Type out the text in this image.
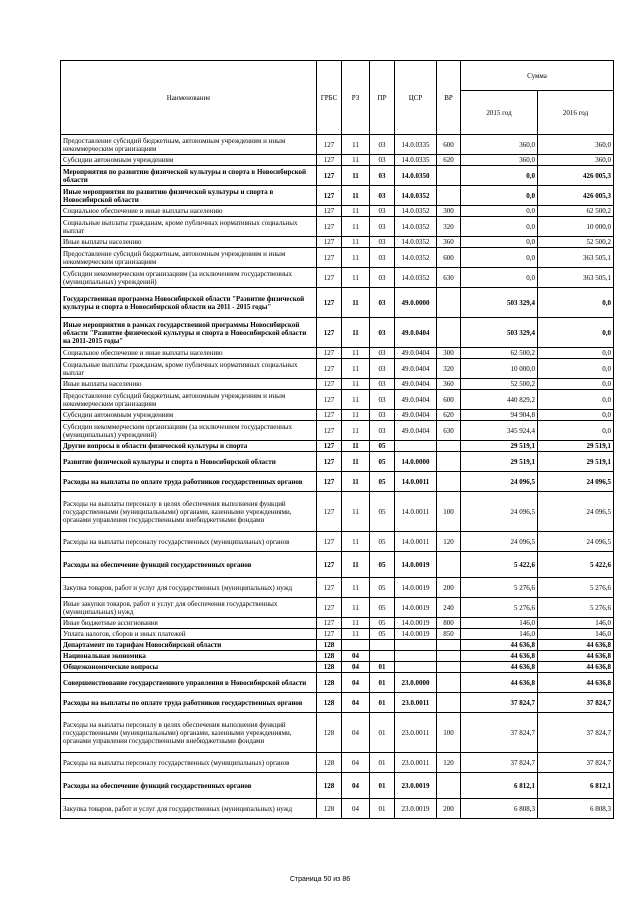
Наименование	ГРБС	РЗ	ПР	ЦСР	ВР	Сумма	
						2015 год	2016 год
Предоставление субсидий бюджетным, автономным учреждениям и иным некоммерческим организациям	127	11	03	14.0.0335	600	360,0	360,0
Субсидии автономным учреждениям	127	11	03	14.0.0335	620	360,0	360,0
Мероприятия по развитию физической культуры и спорта в Новосибирской области	127	11	03	14.0.0350		0,0	426 005,3
Иные мероприятия по развитию физической культуры и спорта в Новосибирской области	127	11	03	14.0.0352		0,0	426 005,3
Социальное обеспечение и иные выплаты населению	127	11	03	14.0.0352	300	0,0	62 500,2
Социальные выплаты гражданам, кроме публичных нормативных социальных выплат	127	11	03	14.0.0352	320	0,0	10 000,0
Иные выплаты населению	127	11	03	14.0.0352	360	0,0	52 500,2
Предоставление субсидий бюджетным, автономным учреждениям и иным некоммерческим организациям	127	11	03	14.0.0352	600	0,0	363 505,1
Субсидии некоммерческим организациям (за исключением государственных (муниципальных) учреждений)	127	11	03	14.0.0352	630	0,0	363 505,1
Государственная программа Новосибирской области "Развитие физической культуры и спорта в Новосибирской области на 2011 - 2015 годы"	127	11	03	49.0.0000		503 329,4	0,0
Иные мероприятия в рамках государственной программы Новосибирской области "Развитие физической культуры и спорта в Новосибирской области на 2011-2015 годы"	127	11	03	49.0.0404		503 329,4	0,0
Социальное обеспечение и иные выплаты населению	127	11	03	49.0.0404	300	62 500,2	0,0
Социальные выплаты гражданам, кроме публичных нормативных социальных выплат	127	11	03	49.0.0404	320	10 000,0	0,0
Иные выплаты населению	127	11	03	49.0.0404	360	52 500,2	0,0
Предоставление субсидий бюджетным, автономным учреждениям и иным некоммерческим организациям	127	11	03	49.0.0404	600	440 829,2	0,0
Субсидии автономным учреждениям	127	11	03	49.0.0404	620	94 904,8	0,0
Субсидии некоммерческим организациям (за исключением государственных (муниципальных) учреждений)	127	11	03	49.0.0404	630	345 924,4	0,0
Другие вопросы в области физической культуры и спорта	127	11	05			29 519,1	29 519,1
Развитие физической культуры и спорта в Новосибирской области	127	11	05	14.0.0000		29 519,1	29 519,1
Расходы на выплаты по оплате труда работников государственных органов	127	11	05	14.0.0011		24 096,5	24 096,5
Расходы на выплаты персоналу в целях обеспечения выполнения функций государственными (муниципальными) органами, казенными учреждениями, органами управления государственными внебюджетными фондами	127	11	05	14.0.0011	100	24 096,5	24 096,5
Расходы на выплаты персоналу государственных (муниципальных) органов	127	11	05	14.0.0011	120	24 096,5	24 096,5
Расходы на обеспечение функций государственных органов	127	11	05	14.0.0019		5 422,6	5 422,6
Закупка товаров, работ и услуг для государственных (муниципальных) нужд	127	11	05	14.0.0019	200	5 276,6	5 276,6
Иные закупки товаров, работ и услуг для обеспечения государственных (муниципальных) нужд	127	11	05	14.0.0019	240	5 276,6	5 276,6
Иные бюджетные ассигнования	127	11	05	14.0.0019	800	146,0	146,0
Уплата налогов, сборов и иных платежей	127	11	05	14.0.0019	850	146,0	146,0
Департамент по тарифам Новосибирской области	128					44 636,8	44 636,8
Национальная экономика	128	04				44 636,8	44 636,8
Общеэкономические вопросы	128	04	01			44 636,8	44 636,8
Совершенствование государственного управления в Новосибирской области	128	04	01	23.0.0000		44 636,8	44 636,8
Расходы на выплаты по оплате труда работников государственных органов	128	04	01	23.0.0011		37 824,7	37 824,7
Расходы на выплаты персоналу в целях обеспечения выполнения функций государственными (муниципальными) органами, казенными учреждениями, органами управления государственными внебюджетными фондами	128	04	01	23.0.0011	100	37 824,7	37 824,7
Расходы на выплаты персоналу государственных (муниципальных) органов	128	04	01	23.0.0011	120	37 824,7	37 824,7
Расходы на обеспечение функций государственных органов	128	04	01	23.0.0019		6 812,1	6 812,1
Закупка товаров, работ и услуг для государственных (муниципальных) нужд	128	04	01	23.0.0019	200	6 808,3	6 808,3
Страница 50 из 86
